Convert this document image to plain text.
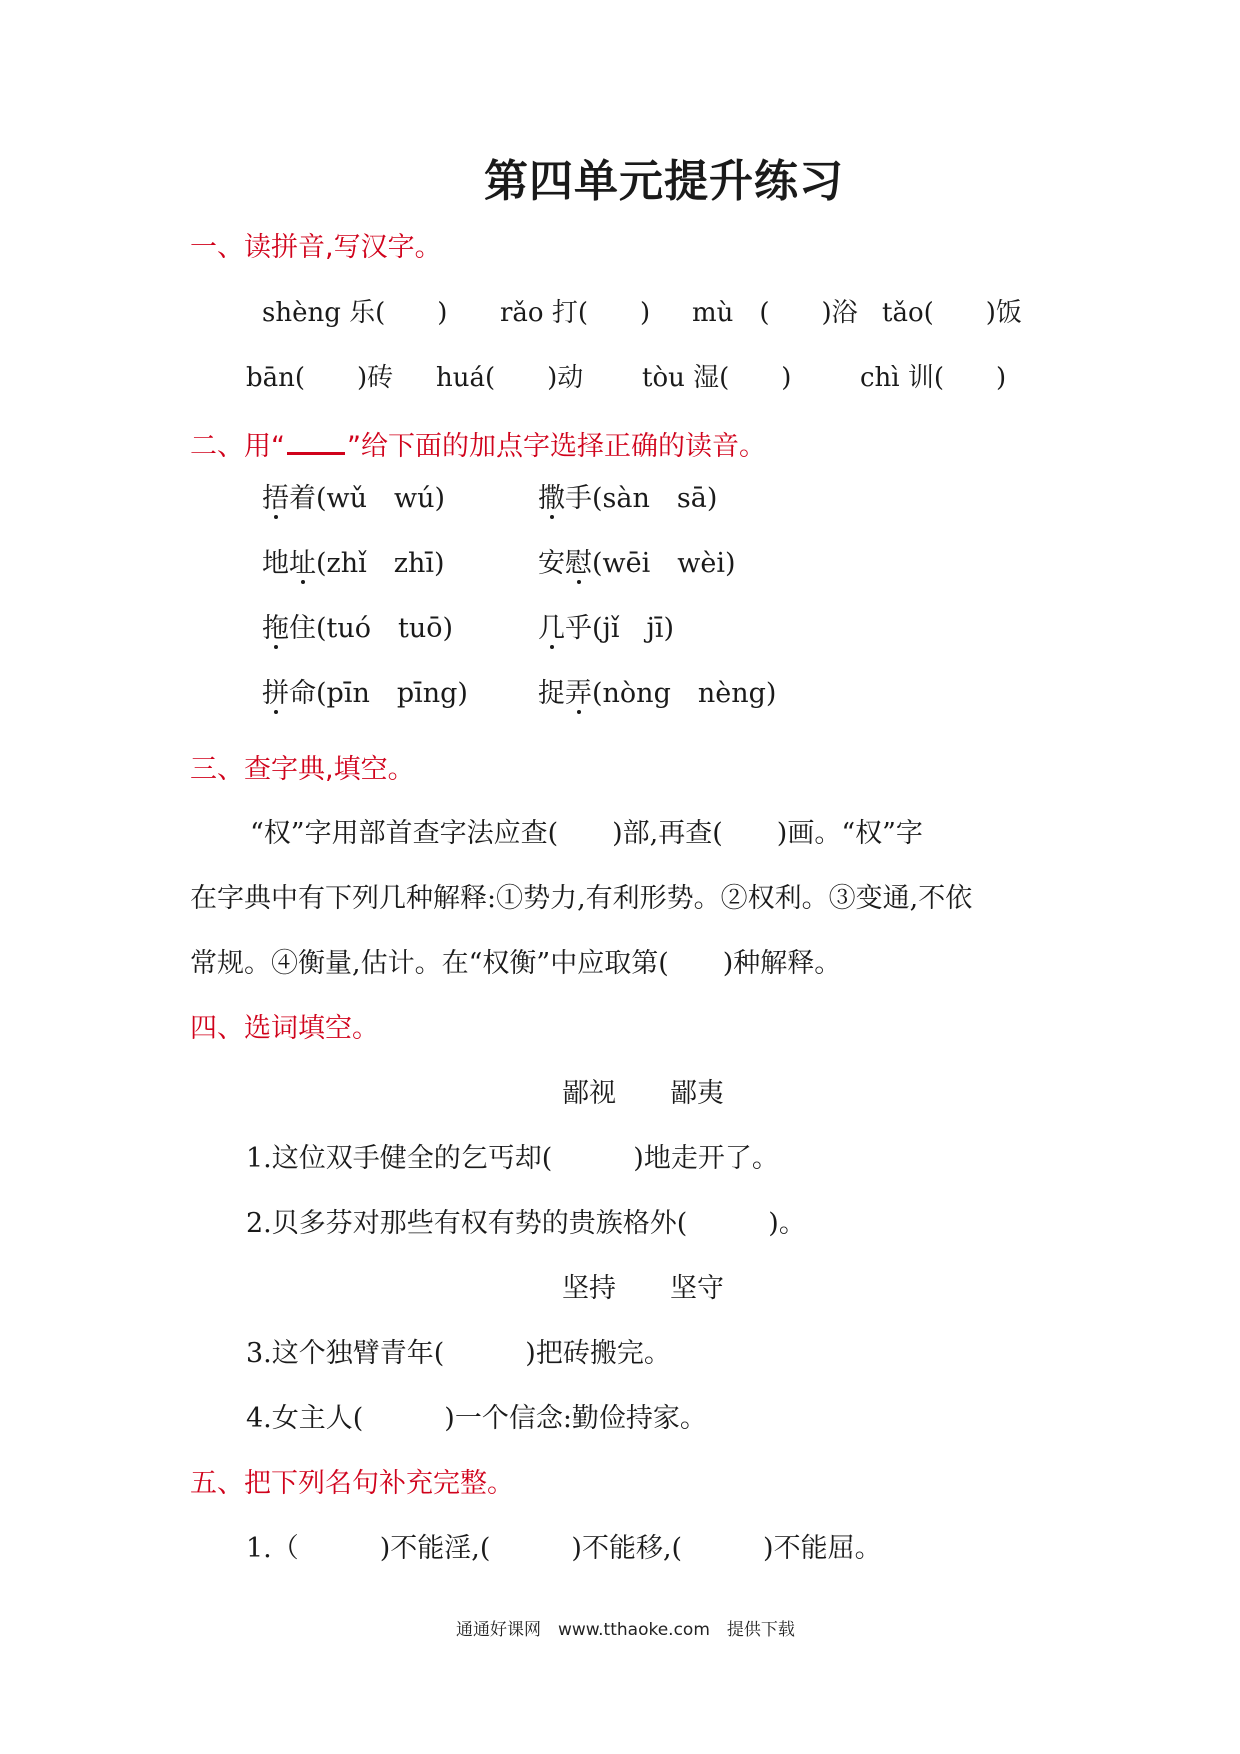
第四单元提升练习
一、读拼音,写汉字。
shèng 乐(　　) rǎo 打(　　) mù　(　　)浴 tǎo(　　)饭
bān(　　)砖 huá(　　)动 tòu 湿(　　)	chì 训(　　)
二、用“ ”给下面的加点字选择正确的读音。
捂着(wǔ　wú)	撒手(sàn　sā)
地址(zhǐ　zhī)	安慰(wēi　wèi)
拖住(tuó　tuō)	几乎(jǐ　jī)
拼命(pīn　pīng)	捉弄(nòng　nèng)
三、查字典,填空。
“权”字用部首查字法应查(　　)部,再查(　　)画。“权”字
在字典中有下列几种解释:①势力,有利形势。②权利。③变通,不依
常规。④衡量,估计。在“权衡”中应取第(　　)种解释。
四、选词填空。
鄙视　　鄙夷
1.这位双手健全的乞丐却(　　　)地走开了。
2.贝多芬对那些有权有势的贵族格外(　　　)。
坚持　　坚守
3.这个独臂青年(　　　)把砖搬完。
4.女主人(　　　)一个信念:勤俭持家。
五、把下列名句补充完整。
1.（　　　)不能淫,(　　　)不能移,(　　　)不能屈。
通通好课网　www.tthaoke.com　提供下载
